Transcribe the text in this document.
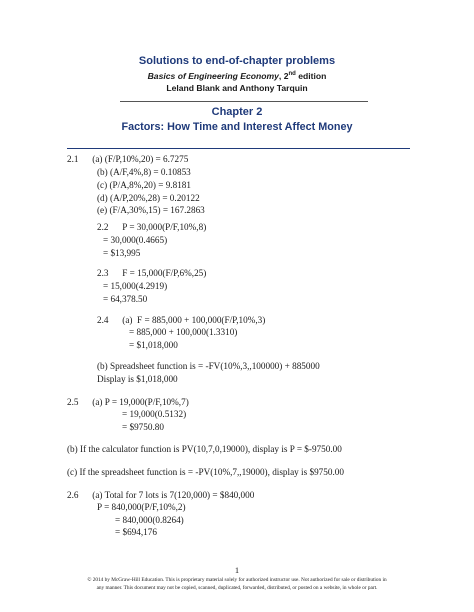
Solutions to end-of-chapter problems
Basics of Engineering Economy, 2nd edition
Leland Blank and Anthony Tarquin
Chapter 2
Factors: How Time and Interest Affect Money
2.1      (a) (F/P,10%,20) = 6.7275
(b) (A/F,4%,8) = 0.10853
(c) (P/A,8%,20) = 9.8181
(d) (A/P,20%,28) = 0.20122
(e) (F/A,30%,15) = 167.2863
2.2      P = 30,000(P/F,10%,8)
= 30,000(0.4665)
= $13,995
2.3      F = 15,000(F/P,6%,25)
= 15,000(4.2919)
= 64,378.50
2.4      (a)  F = 885,000 + 100,000(F/P,10%,3)
= 885,000 + 100,000(1.3310)
= $1,018,000
(b) Spreadsheet function is = -FV(10%,3,,100000) + 885000
Display is $1,018,000
2.5      (a) P = 19,000(P/F,10%,7)
= 19,000(0.5132)
= $9750.80
(b) If the calculator function is PV(10,7,0,19000), display is P = $-9750.00
(c) If the spreadsheet function is = -PV(10%,7,,19000), display is $9750.00
2.6      (a) Total for 7 lots is 7(120,000) = $840,000
P = 840,000(P/F,10%,2)
= 840,000(0.8264)
= $694,176
1
© 2014 by McGraw-Hill Education. This is proprietary material solely for authorized instructor use. Not authorized for sale or distribution in
any manner. This document may not be copied, scanned, duplicated, forwarded, distributed, or posted on a website, in whole or part.
